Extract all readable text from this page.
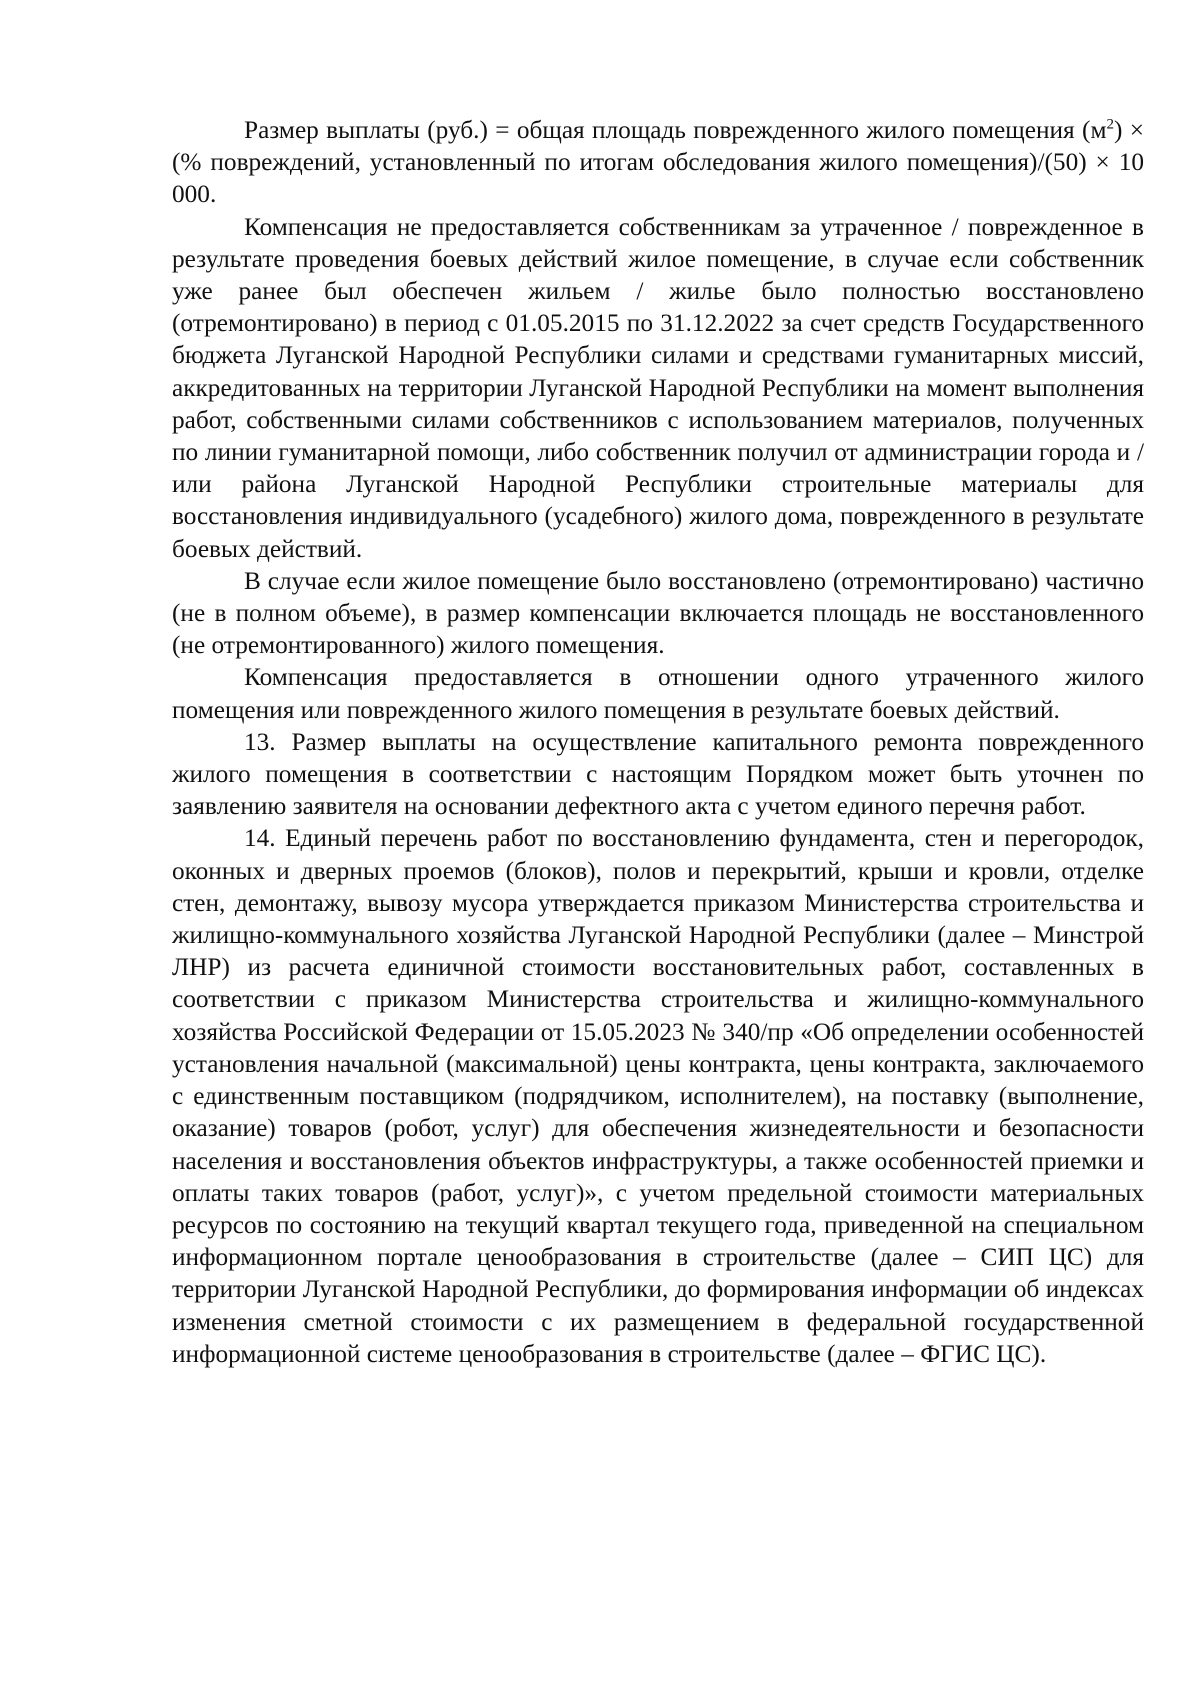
Размер выплаты (руб.) = общая площадь поврежденного жилого помещения $(м^2)$ × (% повреждений, установленный по итогам обследования жилого помещения)/(50) × 10 000.

Компенсация не предоставляется собственникам за утраченное / поврежденное в результате проведения боевых действий жилое помещение, в случае если собственник уже ранее был обеспечен жильем / жилье было полностью восстановлено (отремонтировано) в период с 01.05.2015 по 31.12.2022 за счет средств Государственного бюджета Луганской Народной Республики силами и средствами гуманитарных миссий, аккредитованных на территории Луганской Народной Республики на момент выполнения работ, собственными силами собственников с использованием материалов, полученных по линии гуманитарной помощи, либо собственник получил от администрации города и / или района Луганской Народной Республики строительные материалы для восстановления индивидуального (усадебного) жилого дома, поврежденного в результате боевых действий.

В случае если жилое помещение было восстановлено (отремонтировано) частично (не в полном объеме), в размер компенсации включается площадь не восстановленного (не отремонтированного) жилого помещения.

Компенсация предоставляется в отношении одного утраченного жилого помещения или поврежденного жилого помещения в результате боевых действий.

13. Размер выплаты на осуществление капитального ремонта поврежденного жилого помещения в соответствии с настоящим Порядком может быть уточнен по заявлению заявителя на основании дефектного акта с учетом единого перечня работ.

14. Единый перечень работ по восстановлению фундамента, стен и перегородок, оконных и дверных проемов (блоков), полов и перекрытий, крыши и кровли, отделке стен, демонтажу, вывозу мусора утверждается приказом Министерства строительства и жилищно-коммунального хозяйства Луганской Народной Республики (далее – Минстрой ЛНР) из расчета единичной стоимости восстановительных работ, составленных в соответствии с приказом Министерства строительства и жилищно-коммунального хозяйства Российской Федерации от 15.05.2023 № 340/пр «Об определении особенностей установления начальной (максимальной) цены контракта, цены контракта, заключаемого с единственным поставщиком (подрядчиком, исполнителем), на поставку (выполнение, оказание) товаров (робот, услуг) для обеспечения жизнедеятельности и безопасности населения и восстановления объектов инфраструктуры, а также особенностей приемки и оплаты таких товаров (работ, услуг)», с учетом предельной стоимости материальных ресурсов по состоянию на текущий квартал текущего года, приведенной на специальном информационном портале ценообразования в строительстве (далее – СИП ЦС) для территории Луганской Народной Республики, до формирования информации об индексах изменения сметной стоимости с их размещением в федеральной государственной информационной системе ценообразования в строительстве (далее – ФГИС ЦС).
